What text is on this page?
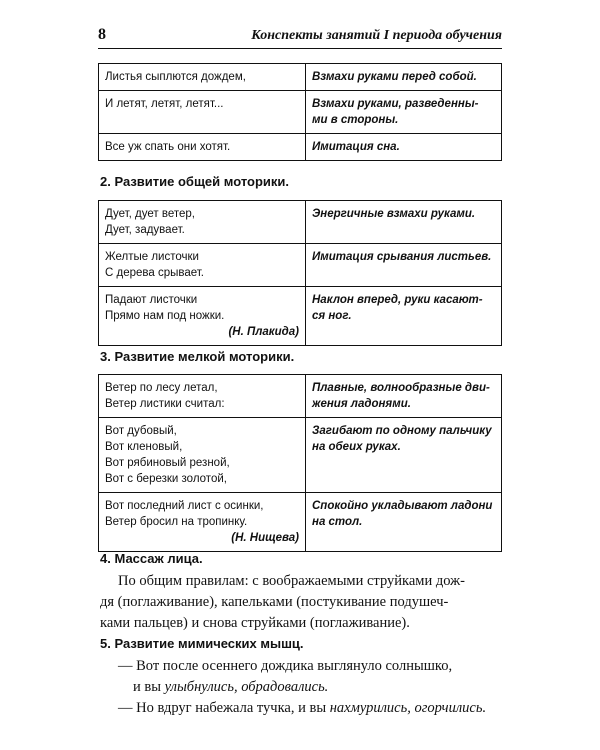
8	Конспекты занятий I периода обучения
Листья сыплются дождем,	Взмахи руками перед собой.

И летят, летят, летят...	Взмахи руками, разведенны-
ми в стороны.

Все уж спать они хотят.	Имитация сна.
2. Развитие общей моторики.
Дует, дует ветер,
Дует, задувает.	Энергичные взмахи руками.

Желтые листочки
С дерева срывает.	Имитация срывания листьев.

Падают листочки
Прямо нам под ножки.
(Н. Плакида)	Наклон вперед, руки касают-
ся ног.
3. Развитие мелкой моторики.
Ветер по лесу летал,
Ветер листики считал:	Плавные, волнообразные дви-
жения ладонями.

Вот дубовый,
Вот кленовый,
Вот рябиновый резной,
Вот с березки золотой,	Загибают по одному пальчику
на обеих руках.

Вот последний лист с осинки,
Ветер бросил на тропинку.
(Н. Нищева)	Спокойно укладывают ладони
на стол.
4. Массаж лица.
По общим правилам: с воображаемыми струйками дож-
дя (поглаживание), капельками (постукивание подушеч-
ками пальцев) и снова струйками (поглаживание).
5. Развитие мимических мышц.
— Вот после осеннего дождика выглянуло солнышко,
и вы улыбнулись, обрадовались.
— Но вдруг набежала тучка, и вы нахмурились, огорчились.
